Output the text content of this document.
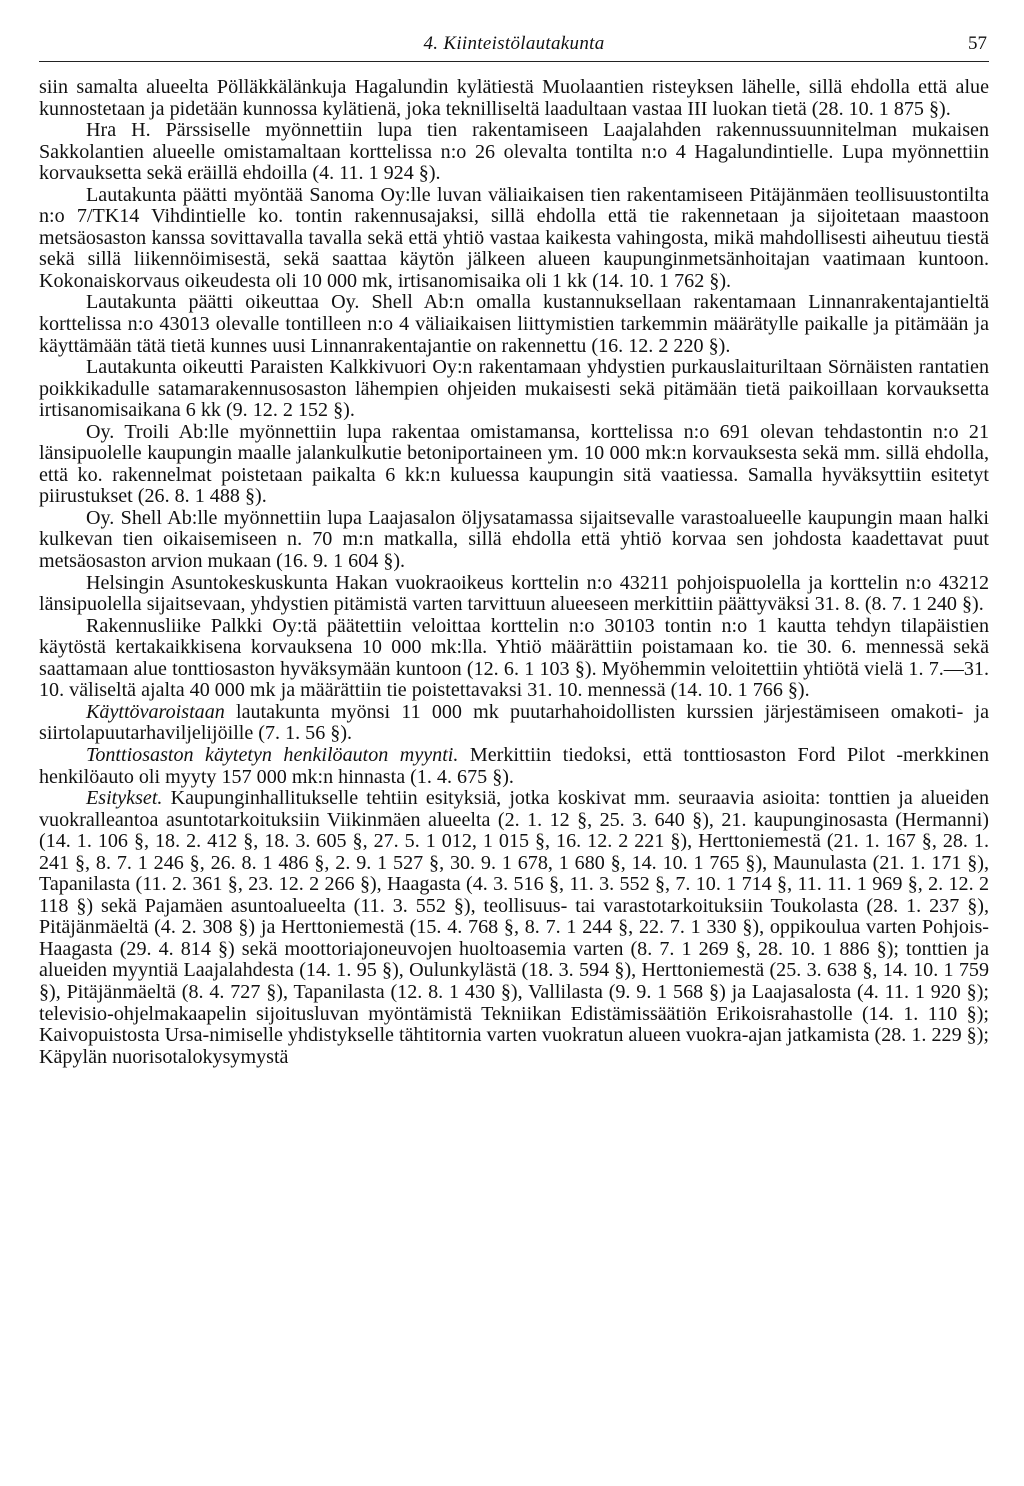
4. Kiinteistölautakunta	57

siin samalta alueelta Pölläkkälänkuja Hagalundin kylätiestä Muolaantien risteyksen lähelle, sillä ehdolla että alue kunnostetaan ja pidetään kunnossa kylätienä, joka teknilliseltä laadultaan vastaa III luokan tietä (28. 10. 1 875 §).

Hra H. Pärssiselle myönnettiin lupa tien rakentamiseen Laajalahden rakennussuunnitelman mukaisen Sakkolantien alueelle omistamaltaan korttelissa n:o 26 olevalta tontilta n:o 4 Hagalundintielle. Lupa myönnettiin korvauksetta sekä eräillä ehdoilla (4. 11. 1 924 §).

Lautakunta päätti myöntää Sanoma Oy:lle luvan väliaikaisen tien rakentamiseen Pitäjänmäen teollisuustontilta n:o 7/TK14 Vihdintielle ko. tontin rakennusajaksi, sillä ehdolla että tie rakennetaan ja sijoitetaan maastoon metsäosaston kanssa sovittavalla tavalla sekä että yhtiö vastaa kaikesta vahingosta, mikä mahdollisesti aiheutuu tiestä sekä sillä liikennöimisestä, sekä saattaa käytön jälkeen alueen kaupunginmetsänhoitajan vaatimaan kuntoon. Kokonaiskorvaus oikeudesta oli 10 000 mk, irtisanomisaika oli 1 kk (14. 10. 1 762 §).

Lautakunta päätti oikeuttaa Oy. Shell Ab:n omalla kustannuksellaan rakentamaan Linnanrakentajantieltä korttelissa n:o 43013 olevalle tontilleen n:o 4 väliaikaisen liittymistien tarkemmin määrätylle paikalle ja pitämään ja käyttämään tätä tietä kunnes uusi Linnanrakentajantie on rakennettu (16. 12. 2 220 §).

Lautakunta oikeutti Paraisten Kalkkivuori Oy:n rakentamaan yhdystien purkauslaituriltaan Sörnäisten rantatien poikkikadulle satamarakennusosaston lähempien ohjeiden mukaisesti sekä pitämään tietä paikoillaan korvauksetta irtisanomisaikana 6 kk (9. 12. 2 152 §).

Oy. Troili Ab:lle myönnettiin lupa rakentaa omistamansa, korttelissa n:o 691 olevan tehdastontin n:o 21 länsipuolelle kaupungin maalle jalankulkutie betoniportaineen ym. 10 000 mk:n korvauksesta sekä mm. sillä ehdolla, että ko. rakennelmat poistetaan paikalta 6 kk:n kuluessa kaupungin sitä vaatiessa. Samalla hyväksyttiin esitetyt piirustukset (26. 8. 1 488 §).

Oy. Shell Ab:lle myönnettiin lupa Laajasalon öljysatamassa sijaitsevalle varastoalueelle kaupungin maan halki kulkevan tien oikaisemiseen n. 70 m:n matkalla, sillä ehdolla että yhtiö korvaa sen johdosta kaadettavat puut metsäosaston arvion mukaan (16. 9. 1 604 §).

Helsingin Asuntokeskuskunta Hakan vuokraoikeus korttelin n:o 43211 pohjoispuolella ja korttelin n:o 43212 länsipuolella sijaitsevaan, yhdystien pitämistä varten tarvittuun alueeseen merkittiin päättyväksi 31. 8. (8. 7. 1 240 §).

Rakennusliike Palkki Oy:tä päätettiin veloittaa korttelin n:o 30103 tontin n:o 1 kautta tehdyn tilapäistien käytöstä kertakaikkisena korvauksena 10 000 mk:lla. Yhtiö määrättiin poistamaan ko. tie 30. 6. mennessä sekä saattamaan alue tonttiosaston hyväksymään kuntoon (12. 6. 1 103 §). Myöhemmin veloitettiin yhtiötä vielä 1. 7.—31. 10. väliseltä ajalta 40 000 mk ja määrättiin tie poistettavaksi 31. 10. mennessä (14. 10. 1 766 §).

Käyttövaroistaan lautakunta myönsi 11 000 mk puutarhahoidollisten kurssien järjestämiseen omakoti- ja siirtolapuutarhaviljelijöille (7. 1. 56 §).

Tonttiosaston käytetyn henkilöauton myynti. Merkittiin tiedoksi, että tonttiosaston Ford Pilot -merkkinen henkilöauto oli myyty 157 000 mk:n hinnasta (1. 4. 675 §).

Esitykset. Kaupunginhallitukselle tehtiin esityksiä, jotka koskivat mm. seuraavia asioita: tonttien ja alueiden vuokralleantoa asuntotarkoituksiin Viikinmäen alueelta (2. 1. 12 §, 25. 3. 640 §), 21. kaupunginosasta (Hermanni) (14. 1. 106 §, 18. 2. 412 §, 18. 3. 605 §, 27. 5. 1 012, 1 015 §, 16. 12. 2 221 §), Herttoniemestä (21. 1. 167 §, 28. 1. 241 §, 8. 7. 1 246 §, 26. 8. 1 486 §, 2. 9. 1 527 §, 30. 9. 1 678, 1 680 §, 14. 10. 1 765 §), Maunulasta (21. 1. 171 §), Tapanilasta (11. 2. 361 §, 23. 12. 2 266 §), Haagasta (4. 3. 516 §, 11. 3. 552 §, 7. 10. 1 714 §, 11. 11. 1 969 §, 2. 12. 2 118 §) sekä Pajamäen asuntoalueelta (11. 3. 552 §), teollisuus- tai varastotarkoituksiin Toukolasta (28. 1. 237 §), Pitäjänmäeltä (4. 2. 308 §) ja Herttoniemestä (15. 4. 768 §, 8. 7. 1 244 §, 22. 7. 1 330 §), oppikoulua varten Pohjois-Haagasta (29. 4. 814 §) sekä moottoriajoneuvojen huoltoasemia varten (8. 7. 1 269 §, 28. 10. 1 886 §); tonttien ja alueiden myyntiä Laajalahdesta (14. 1. 95 §), Oulunkylästä (18. 3. 594 §), Herttoniemestä (25. 3. 638 §, 14. 10. 1 759 §), Pitäjänmäeltä (8. 4. 727 §), Tapanilasta (12. 8. 1 430 §), Vallilasta (9. 9. 1 568 §) ja Laajasalosta (4. 11. 1 920 §); televisio-ohjelmakaapelin sijoitusluvan myöntämistä Tekniikan Edistämissäätiön Erikoisrahastolle (14. 1. 110 §); Kaivopuistosta Ursa-nimiselle yhdistykselle tähtitornia varten vuokratun alueen vuokra-ajan jatkamista (28. 1. 229 §); Käpylän nuorisotalokysymystä
